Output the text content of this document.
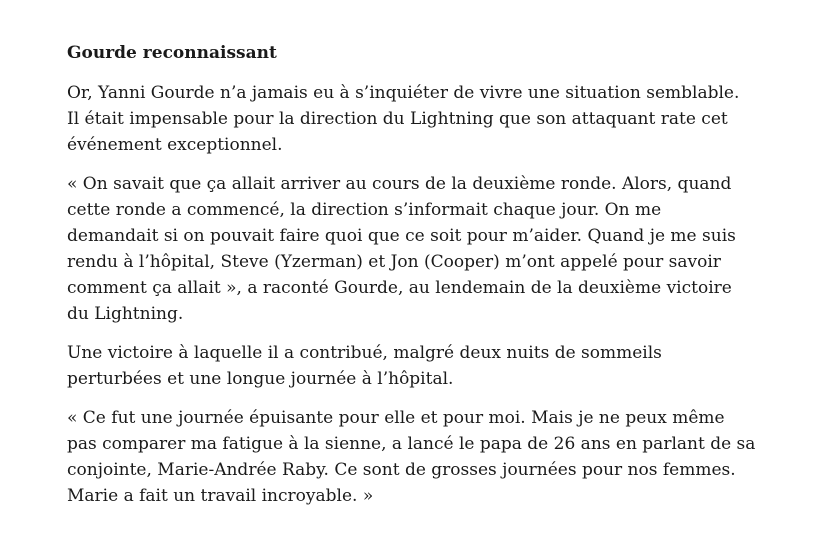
Gourde reconnaissant

Or, Yanni Gourde n’a jamais eu à s’inquiéter de vivre une situation semblable.
Il était impensable pour la direction du Lightning que son attaquant rate cet
événement exceptionnel.

« On savait que ça allait arriver au cours de la deuxième ronde. Alors, quand
cette ronde a commencé, la direction s’informait chaque jour. On me
demandait si on pouvait faire quoi que ce soit pour m’aider. Quand je me suis
rendu à l’hôpital, Steve (Yzerman) et Jon (Cooper) m’ont appelé pour savoir
comment ça allait », a raconté Gourde, au lendemain de la deuxième victoire
du Lightning.

Une victoire à laquelle il a contribué, malgré deux nuits de sommeils
perturbées et une longue journée à l’hôpital.

« Ce fut une journée épuisante pour elle et pour moi. Mais je ne peux même
pas comparer ma fatigue à la sienne, a lancé le papa de 26 ans en parlant de sa
conjointe, Marie-Andrée Raby. Ce sont de grosses journées pour nos femmes.
Marie a fait un travail incroyable. »
